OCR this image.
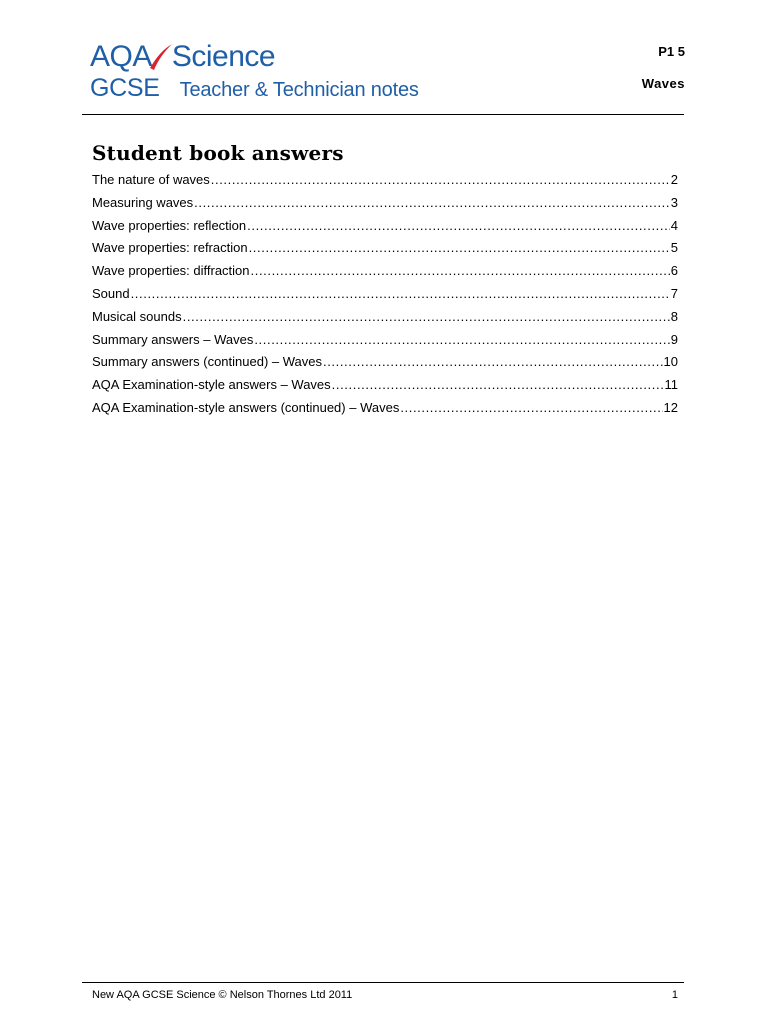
AQA Science
GCSE Teacher & Technician notes
P1 5
Waves
Student book answers
The nature of waves .....	2
Measuring waves .....	3
Wave properties: reflection .....	4
Wave properties: refraction .....	5
Wave properties: diffraction .....	6
Sound .....	7
Musical sounds .....	8
Summary answers – Waves .....	9
Summary answers (continued) – Waves .....	10
AQA Examination-style answers – Waves .....	11
AQA Examination-style answers (continued) – Waves .....	12
New AQA GCSE Science © Nelson Thornes Ltd 2011	1
